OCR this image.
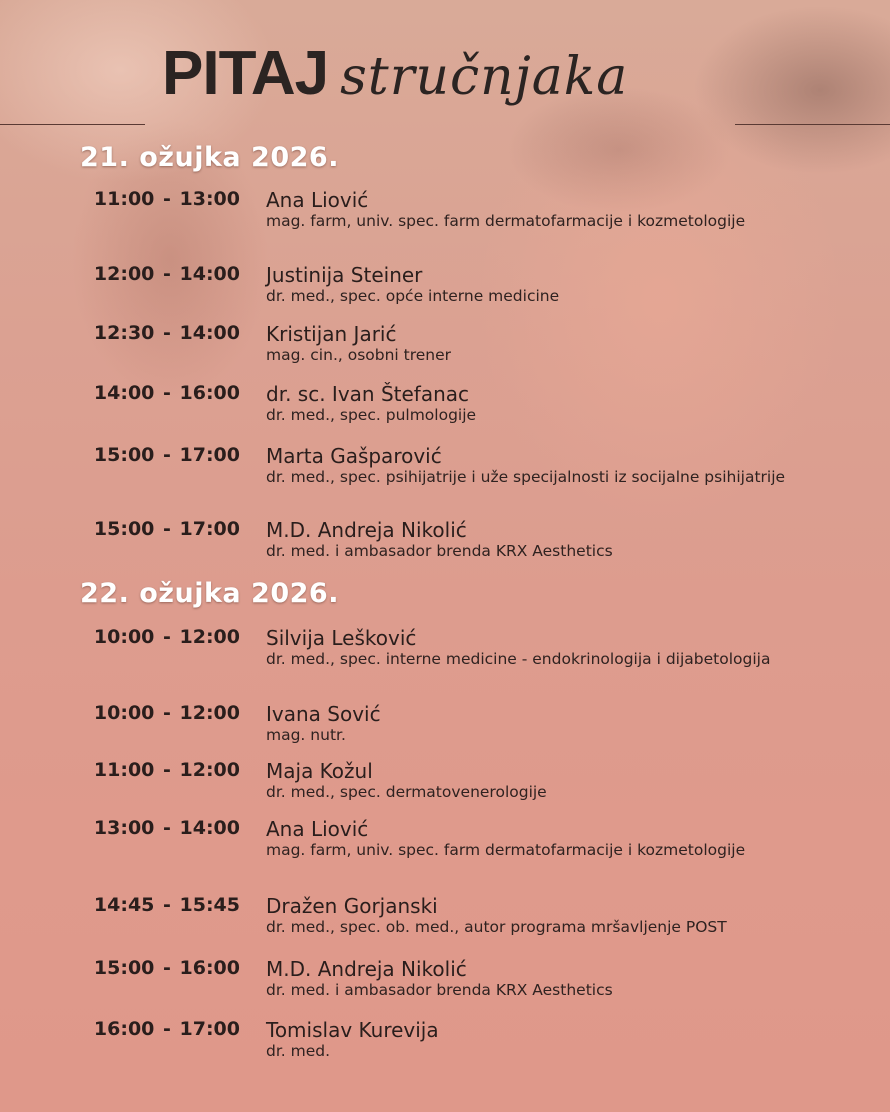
PITAJ stručnjaka
21. ožujka 2026.
11:00 - 13:00 Ana Liović
mag. farm, univ. spec. farm dermatofarmacije i kozmetologije
12:00 - 14:00 Justinija Steiner
dr. med., spec. opće interne medicine
12:30 - 14:00 Kristijan Jarić
mag. cin., osobni trener
14:00 - 16:00 dr. sc. Ivan Štefanac
dr. med., spec. pulmologije
15:00 - 17:00 Marta Gašparović
dr. med., spec. psihijatrije i uže specijalnosti iz socijalne psihijatrije
15:00 - 17:00 M.D. Andreja Nikolić
dr. med. i ambasador brenda KRX Aesthetics
22. ožujka 2026.
10:00 - 12:00 Silvija Lešković
dr. med., spec. interne medicine - endokrinologija i dijabetologija
10:00 - 12:00 Ivana Sović
mag. nutr.
11:00 - 12:00 Maja Kožul
dr. med., spec. dermatovenerologije
13:00 - 14:00 Ana Liović
mag. farm, univ. spec. farm dermatofarmacije i kozmetologije
14:45 - 15:45 Dražen Gorjanski
dr. med., spec. ob. med., autor programa mršavljenje POST
15:00 - 16:00 M.D. Andreja Nikolić
dr. med. i ambasador brenda KRX Aesthetics
16:00 - 17:00 Tomislav Kurevija
dr. med.
